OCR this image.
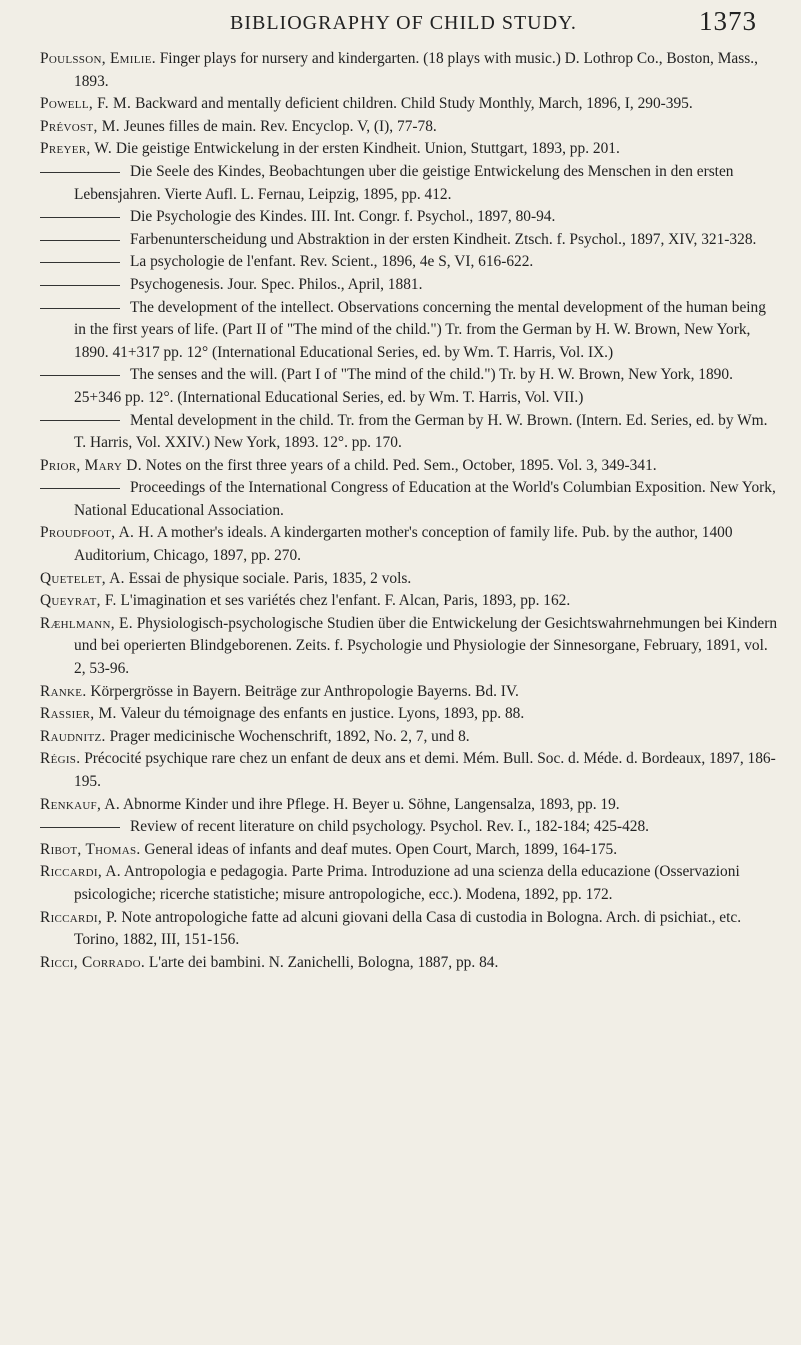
BIBLIOGRAPHY OF CHILD STUDY.	1373
Poulsson, Emilie. Finger plays for nursery and kindergarten. (18 plays with music.) D. Lothrop Co., Boston, Mass., 1893.
Powell, F. M. Backward and mentally deficient children. Child Study Monthly, March, 1896, I, 290-395.
Prévost, M. Jeunes filles de main. Rev. Encyclop. V, (I), 77-78.
Preyer, W. Die geistige Entwickelung in der ersten Kindheit. Union, Stuttgart, 1893, pp. 201.
Die Seele des Kindes, Beobachtungen uber die geistige Entwickelung des Menschen in den ersten Lebensjahren. Vierte Aufl. L. Fernau, Leipzig, 1895, pp. 412.
Die Psychologie des Kindes. III. Int. Congr. f. Psychol., 1897, 80-94.
Farbenunterscheidung und Abstraktion in der ersten Kindheit. Ztsch. f. Psychol., 1897, XIV, 321-328.
La psychologie de l'enfant. Rev. Scient., 1896, 4e S, VI, 616-622.
Psychogenesis. Jour. Spec. Philos., April, 1881.
The development of the intellect. Observations concerning the mental development of the human being in the first years of life. (Part II of "The mind of the child.") Tr. from the German by H. W. Brown, New York, 1890. 41+317 pp. 12° (International Educational Series, ed. by Wm. T. Harris, Vol. IX.)
The senses and the will. (Part I of "The mind of the child.") Tr. by H. W. Brown, New York, 1890. 25+346 pp. 12°. (International Educational Series, ed. by Wm. T. Harris, Vol. VII.)
Mental development in the child. Tr. from the German by H. W. Brown. (Intern. Ed. Series, ed. by Wm. T. Harris, Vol. XXIV.) New York, 1893. 12°. pp. 170.
Prior, Mary D. Notes on the first three years of a child. Ped. Sem., October, 1895. Vol. 3, 349-341.
Proceedings of the International Congress of Education at the World's Columbian Exposition. New York, National Educational Association.
Proudfoot, A. H. A mother's ideals. A kindergarten mother's conception of family life. Pub. by the author, 1400 Auditorium, Chicago, 1897, pp. 270.
Quetelet, A. Essai de physique sociale. Paris, 1835, 2 vols.
Queyrat, F. L'imagination et ses variétés chez l'enfant. F. Alcan, Paris, 1893, pp. 162.
Ræhlmann, E. Physiologisch-psychologische Studien über die Entwickelung der Gesichtswahrnehmungen bei Kindern und bei operierten Blindgeborenen. Zeits. f. Psychologie und Physiologie der Sinnesorgane, February, 1891, vol. 2, 53-96.
Ranke. Körpergrösse in Bayern. Beiträge zur Anthropologie Bayerns. Bd. IV.
Rassier, M. Valeur du témoignage des enfants en justice. Lyons, 1893, pp. 88.
Raudnitz. Prager medicinische Wochenschrift, 1892, No. 2, 7, und 8.
Régis. Précocité psychique rare chez un enfant de deux ans et demi. Mém. Bull. Soc. d. Méde. d. Bordeaux, 1897, 186-195.
Renkauf, A. Abnorme Kinder und ihre Pflege. H. Beyer u. Söhne, Langensalza, 1893, pp. 19.
Review of recent literature on child psychology. Psychol. Rev. I., 182-184; 425-428.
Ribot, Thomas. General ideas of infants and deaf mutes. Open Court, March, 1899, 164-175.
Riccardi, A. Antropologia e pedagogia. Parte Prima. Introduzione ad una scienza della educazione (Osservazioni psicologiche; ricerche statistiche; misure antropologiche, ecc.). Modena, 1892, pp. 172.
Riccardi, P. Note antropologiche fatte ad alcuni giovani della Casa di custodia in Bologna. Arch. di psichiat., etc. Torino, 1882, III, 151-156.
Ricci, Corrado. L'arte dei bambini. N. Zanichelli, Bologna, 1887, pp. 84.
